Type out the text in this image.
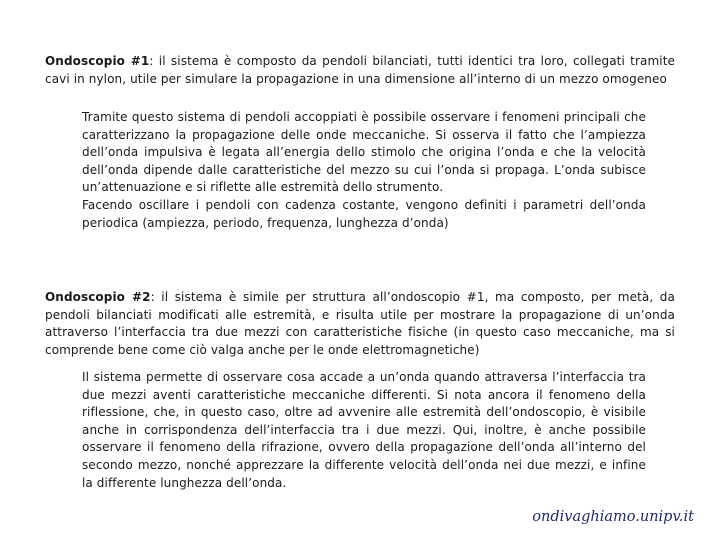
Ondoscopio #1: il sistema è composto da pendoli bilanciati, tutti identici tra loro, collegati tramite cavi in nylon, utile per simulare la propagazione in una dimensione all’interno di un mezzo omogeneo
Tramite questo sistema di pendoli accoppiati è possibile osservare i fenomeni principali che caratterizzano la propagazione delle onde meccaniche. Si osserva il fatto che l’ampiezza dell’onda impulsiva è legata all’energia dello stimolo che origina l’onda e che la velocità dell’onda dipende dalle caratteristiche del mezzo su cui l’onda si propaga. L’onda subisce un’attenuazione e si riflette alle estremità dello strumento.
Facendo oscillare i pendoli con cadenza costante, vengono definiti i parametri dell’onda periodica (ampiezza, periodo, frequenza, lunghezza d’onda)
Ondoscopio #2: il sistema è simile per struttura all’ondoscopio #1, ma composto, per metà, da pendoli bilanciati modificati alle estremità, e risulta utile per mostrare la propagazione di un’onda attraverso l’interfaccia tra due mezzi con caratteristiche fisiche (in questo caso meccaniche, ma si comprende bene come ciò valga anche per le onde elettromagnetiche)
Il sistema permette di osservare cosa accade a un’onda quando attraversa l’interfaccia tra due mezzi aventi caratteristiche meccaniche differenti. Si nota ancora il fenomeno della riflessione, che, in questo caso, oltre ad avvenire alle estremità dell’ondoscopio, è visibile anche in corrispondenza dell’interfaccia tra i due mezzi. Qui, inoltre, è anche possibile osservare il fenomeno della rifrazione, ovvero della propagazione dell’onda all’interno del secondo mezzo, nonché apprezzare la differente velocità dell’onda nei due mezzi, e infine la differente lunghezza dell’onda.
ondivaghiamo.unipv.it
